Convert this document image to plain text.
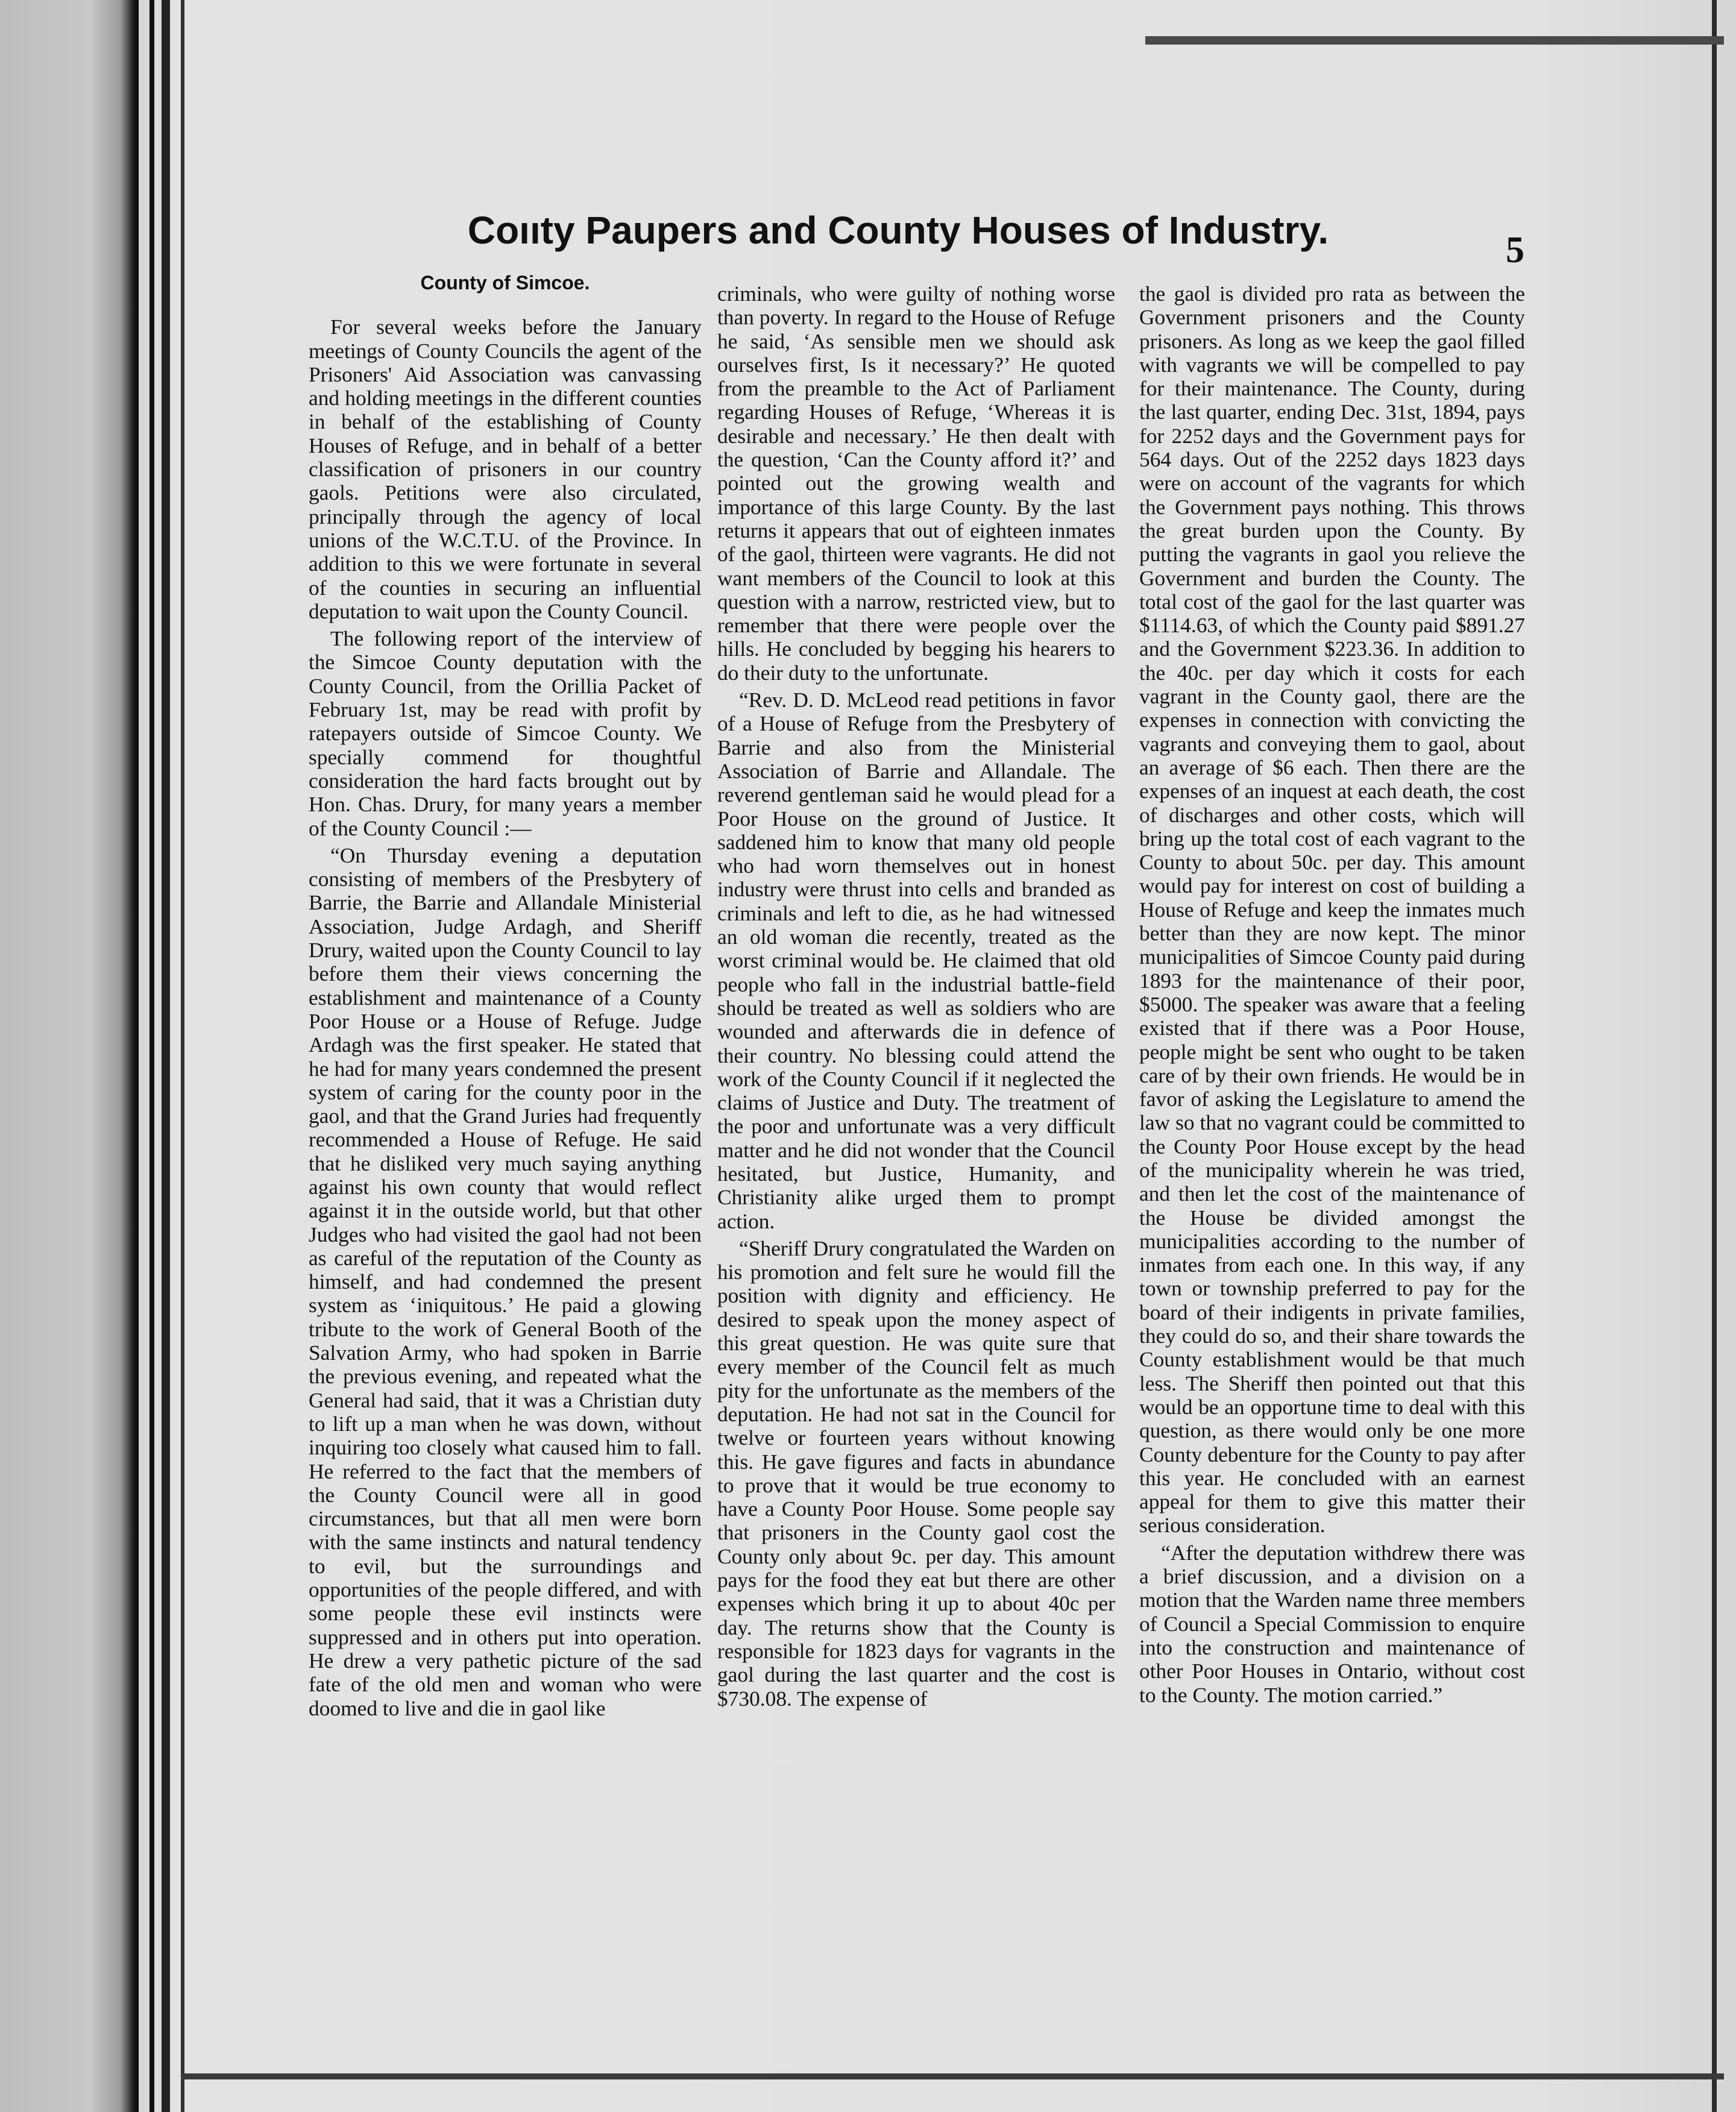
Coııty Paupers and County Houses of Industry.	5
County of Simcoe.

For several weeks before the January meetings of County Councils the agent of the Prisoners' Aid Association was canvassing and holding meetings in the different counties in behalf of the establishing of County Houses of Refuge, and in behalf of a better classification of prisoners in our country gaols. Petitions were also circulated, principally through the agency of local unions of the W.C.T.U. of the Province. In addition to this we were fortunate in several of the counties in securing an influential deputation to wait upon the County Council.

The following report of the interview of the Simcoe County deputation with the County Council, from the Orillia Packet of February 1st, may be read with profit by ratepayers outside of Simcoe County. We specially commend for thoughtful consideration the hard facts brought out by Hon. Chas. Drury, for many years a member of the County Council :—

“On Thursday evening a deputation consisting of members of the Presbytery of Barrie, the Barrie and Allandale Ministerial Association, Judge Ardagh, and Sheriff Drury, waited upon the County Council to lay before them their views concerning the establishment and maintenance of a County Poor House or a House of Refuge. Judge Ardagh was the first speaker. He stated that he had for many years condemned the present system of caring for the county poor in the gaol, and that the Grand Juries had frequently recommended a House of Refuge. He said that he disliked very much saying anything against his own county that would reflect against it in the outside world, but that other Judges who had visited the gaol had not been as careful of the reputation of the County as himself, and had condemned the present system as ‘iniquitous.’ He paid a glowing tribute to the work of General Booth of the Salvation Army, who had spoken in Barrie the previous evening, and repeated what the General had said, that it was a Christian duty to lift up a man when he was down, without inquiring too closely what caused him to fall. He referred to the fact that the members of the County Council were all in good circumstances, but that all men were born with the same instincts and natural tendency to evil, but the surroundings and opportunities of the people differed, and with some people these evil instincts were suppressed and in others put into operation. He drew a very pathetic picture of the sad fate of the old men and woman who were doomed to live and die in gaol like

criminals, who were guilty of nothing worse than poverty. In regard to the House of Refuge he said, ‘As sensible men we should ask ourselves first, Is it necessary?’ He quoted from the preamble to the Act of Parliament regarding Houses of Refuge, ‘Whereas it is desirable and necessary.’ He then dealt with the question, ‘Can the County afford it?’ and pointed out the growing wealth and importance of this large County. By the last returns it appears that out of eighteen inmates of the gaol, thirteen were vagrants. He did not want members of the Council to look at this question with a narrow, restricted view, but to remember that there were people over the hills. He concluded by begging his hearers to do their duty to the unfortunate.

“Rev. D. D. McLeod read petitions in favor of a House of Refuge from the Presbytery of Barrie and also from the Ministerial Association of Barrie and Allandale. The reverend gentleman said he would plead for a Poor House on the ground of Justice. It saddened him to know that many old people who had worn themselves out in honest industry were thrust into cells and branded as criminals and left to die, as he had witnessed an old woman die recently, treated as the worst criminal would be. He claimed that old people who fall in the industrial battle-field should be treated as well as soldiers who are wounded and afterwards die in defence of their country. No blessing could attend the work of the County Council if it neglected the claims of Justice and Duty. The treatment of the poor and unfortunate was a very difficult matter and he did not wonder that the Council hesitated, but Justice, Humanity, and Christianity alike urged them to prompt action.

“Sheriff Drury congratulated the Warden on his promotion and felt sure he would fill the position with dignity and efficiency. He desired to speak upon the money aspect of this great question. He was quite sure that every member of the Council felt as much pity for the unfortunate as the members of the deputation. He had not sat in the Council for twelve or fourteen years without knowing this. He gave figures and facts in abundance to prove that it would be true economy to have a County Poor House. Some people say that prisoners in the County gaol cost the County only about 9c. per day. This amount pays for the food they eat but there are other expenses which bring it up to about 40c per day. The returns show that the County is responsible for 1823 days for vagrants in the gaol during the last quarter and the cost is $730.08. The expense of

the gaol is divided pro rata as between the Government prisoners and the County prisoners. As long as we keep the gaol filled with vagrants we will be compelled to pay for their maintenance. The County, during the last quarter, ending Dec. 31st, 1894, pays for 2252 days and the Government pays for 564 days. Out of the 2252 days 1823 days were on account of the vagrants for which the Government pays nothing. This throws the great burden upon the County. By putting the vagrants in gaol you relieve the Government and burden the County. The total cost of the gaol for the last quarter was $1114.63, of which the County paid $891.27 and the Government $223.36. In addition to the 40c. per day which it costs for each vagrant in the County gaol, there are the expenses in connection with convicting the vagrants and conveying them to gaol, about an average of $6 each. Then there are the expenses of an inquest at each death, the cost of discharges and other costs, which will bring up the total cost of each vagrant to the County to about 50c. per day. This amount would pay for interest on cost of building a House of Refuge and keep the inmates much better than they are now kept. The minor municipalities of Simcoe County paid during 1893 for the maintenance of their poor, $5000. The speaker was aware that a feeling existed that if there was a Poor House, people might be sent who ought to be taken care of by their own friends. He would be in favor of asking the Legislature to amend the law so that no vagrant could be committed to the County Poor House except by the head of the municipality wherein he was tried, and then let the cost of the maintenance of the House be divided amongst the municipalities according to the number of inmates from each one. In this way, if any town or township preferred to pay for the board of their indigents in private families, they could do so, and their share towards the County establishment would be that much less. The Sheriff then pointed out that this would be an opportune time to deal with this question, as there would only be one more County debenture for the County to pay after this year. He concluded with an earnest appeal for them to give this matter their serious consideration.

“After the deputation withdrew there was a brief discussion, and a division on a motion that the Warden name three members of Council a Special Commission to enquire into the construction and maintenance of other Poor Houses in Ontario, without cost to the County. The motion carried.”
